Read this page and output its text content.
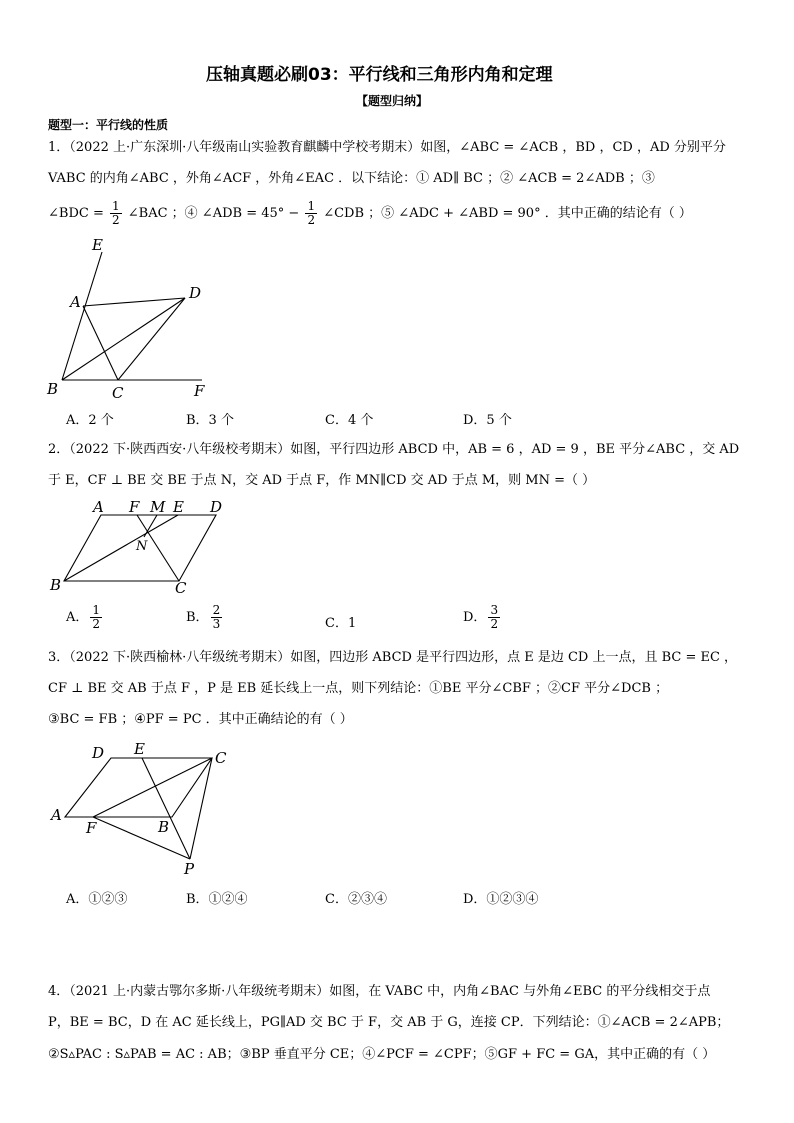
压轴真题必刷03：平行线和三角形内角和定理
【题型归纳】
题型一：平行线的性质
1．（2022 上·广东深圳·八年级南山实验教育麒麟中学校考期末）如图，∠ABC = ∠ACB ，BD ，CD ，AD 分别平分
VABC 的内角∠ABC ，外角∠ACF ，外角∠EAC ．以下结论：① AD∥ BC ；② ∠ACB = 2∠ADB ；③
∠BDC = $\frac{1}{2}$ ∠BAC ；④ ∠ADB = $45^\circ - \frac{1}{2}$ ∠CDB ；⑤ ∠ADC + ∠ABD = 90° ．其中正确的结论有（ ）
E
A	D
B	C	F
A．2 个	B．3 个	C．4 个	D．5 个
2．（2022 下·陕西西安·八年级校考期末）如图，平行四边形 ABCD 中，AB = 6 ，AD = 9 ，BE 平分∠ABC ，交 AD
于 E，CF ⊥ BE 交 BE 于点 N，交 AD 于点 F，作 MN∥CD 交 AD 于点 M，则 MN =（ ）
A F M E D
N
B	C
A． $\frac{1}{2}$	B． $\frac{2}{3}$	C．1	D． $\frac{3}{2}$
3．（2022 下·陕西榆林·八年级统考期末）如图，四边形 ABCD 是平行四边形，点 E 是边 CD 上一点，且 BC = EC ，
CF ⊥ BE 交 AB 于点 F ，P 是 EB 延长线上一点，则下列结论：①BE 平分∠CBF ；②CF 平分∠DCB ；
③BC = FB ；④PF = PC ．其中正确结论的有（ ）
D E	C
A
F	B
P
A．①②③	B．①②④	C．②③④	D．①②③④
4．（2021 上·内蒙古鄂尔多斯·八年级统考期末）如图，在 VABC 中，内角∠BAC 与外角∠EBC 的平分线相交于点
P，BE = BC，D 在 AC 延长线上，PG∥AD 交 BC 于 F，交 AB 于 G，连接 CP．下列结论：①∠ACB = 2∠APB；
②S▵PAC : S▵PAB = AC : AB；③BP 垂直平分 CE；④∠PCF = ∠CPF；⑤GF + FC = GA，其中正确的有（ ）
